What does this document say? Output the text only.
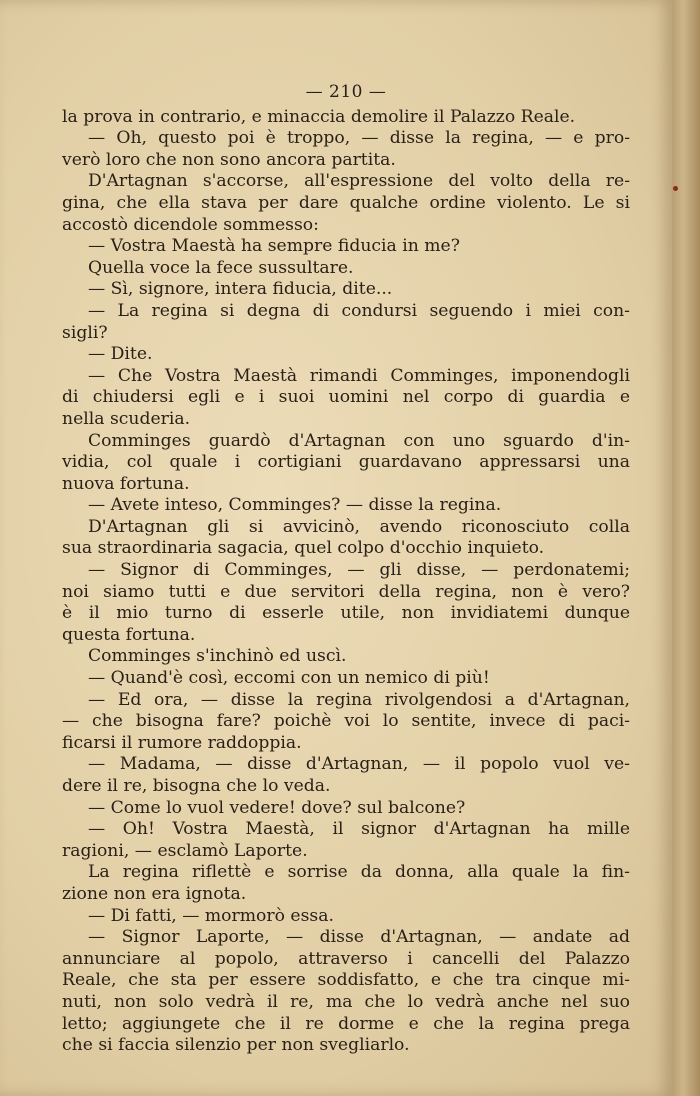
— 210 —
la prova in contrario, e minaccia demolire il Palazzo Reale.
— Oh, questo poi è troppo, — disse la regina, — e pro-
verò loro che non sono ancora partita.
D'Artagnan s'accorse, all'espressione del volto della re-
gina, che ella stava per dare qualche ordine violento. Le si
accostò dicendole sommesso:
— Vostra Maestà ha sempre fiducia in me?
Quella voce la fece sussultare.
— Sì, signore, intera fiducia, dite...
— La regina si degna di condursi seguendo i miei con-
sigli?
— Dite.
— Che Vostra Maestà rimandi Comminges, imponendogli
di chiudersi egli e i suoi uomini nel corpo di guardia e
nella scuderia.
Comminges guardò d'Artagnan con uno sguardo d'in-
vidia, col quale i cortigiani guardavano appressarsi una
nuova fortuna.
— Avete inteso, Comminges? — disse la regina.
D'Artagnan gli si avvicinò, avendo riconosciuto colla
sua straordinaria sagacia, quel colpo d'occhio inquieto.
— Signor di Comminges, — gli disse, — perdonatemi;
noi siamo tutti e due servitori della regina, non è vero?
è il mio turno di esserle utile, non invidiatemi dunque
questa fortuna.
Comminges s'inchinò ed uscì.
— Quand'è così, eccomi con un nemico di più!
— Ed ora, — disse la regina rivolgendosi a d'Artagnan,
— che bisogna fare? poichè voi lo sentite, invece di paci-
ficarsi il rumore raddoppia.
— Madama, — disse d'Artagnan, — il popolo vuol ve-
dere il re, bisogna che lo veda.
— Come lo vuol vedere! dove? sul balcone?
— Oh! Vostra Maestà, il signor d'Artagnan ha mille
ragioni, — esclamò Laporte.
La regina riflettè e sorrise da donna, alla quale la fin-
zione non era ignota.
— Di fatti, — mormorò essa.
— Signor Laporte, — disse d'Artagnan, — andate ad
annunciare al popolo, attraverso i cancelli del Palazzo
Reale, che sta per essere soddisfatto, e che tra cinque mi-
nuti, non solo vedrà il re, ma che lo vedrà anche nel suo
letto; aggiungete che il re dorme e che la regina prega
che si faccia silenzio per non svegliarlo.
